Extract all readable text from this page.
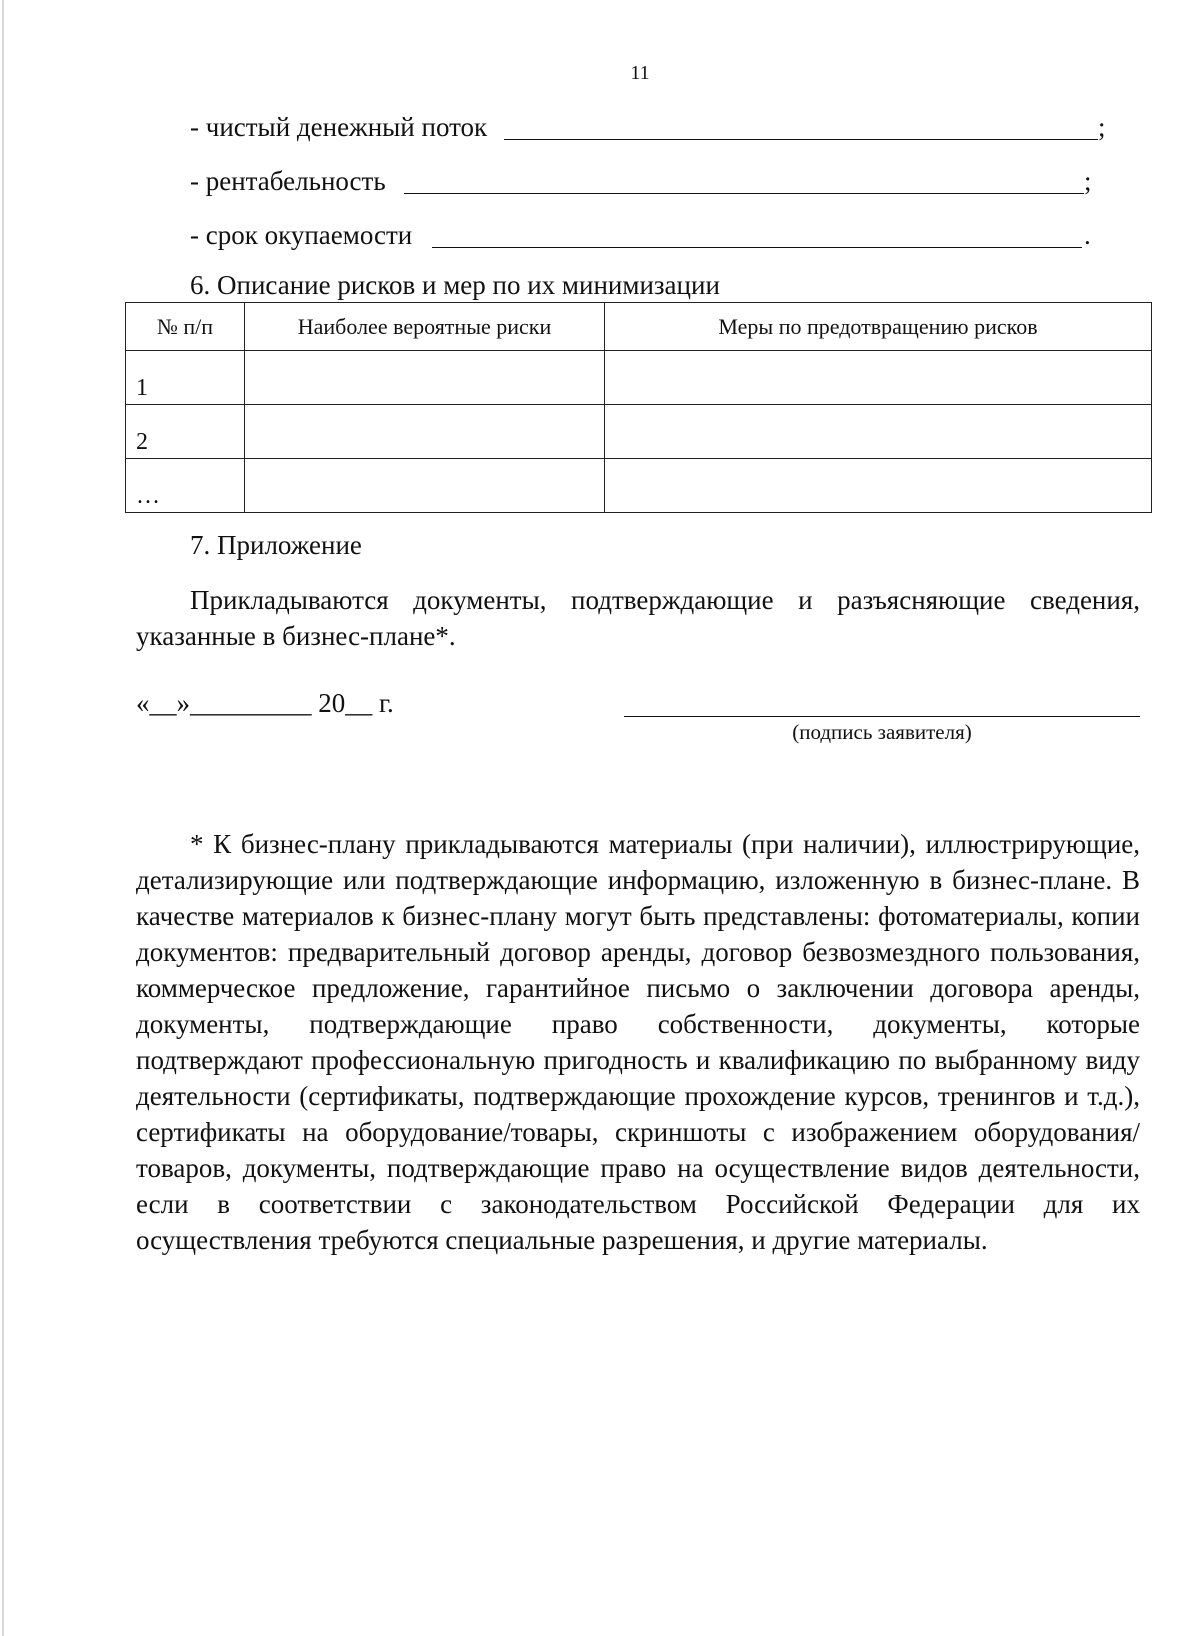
11
- чистый денежный поток	;
- рентабельность	;
- срок окупаемости	.
6. Описание рисков и мер по их минимизации
№ п/п	Наиболее вероятные риски	Меры по предотвращению рисков
1		
2		
…		
7. Приложение
Прикладываются документы, подтверждающие и разъясняющие сведения, указанные в бизнес-плане*.
«__»_________ 20__ г.
(подпись заявителя)
* К бизнес-плану прикладываются материалы (при наличии), иллюстрирующие, детализирующие или подтверждающие информацию, изложенную в бизнес-плане. В качестве материалов к бизнес-плану могут быть представлены: фотоматериалы, копии документов: предварительный договор аренды, договор безвозмездного пользования, коммерческое предложение, гарантийное письмо о заключении договора аренды, документы, подтверждающие право собственности, документы, которые подтверждают профессиональную пригодность и квалификацию по выбранному виду деятельности (сертификаты, подтверждающие прохождение курсов, тренингов и т.д.), сертификаты на оборудование/товары, скриншоты с изображением оборудования/товаров, документы, подтверждающие право на осуществление видов деятельности, если в соответствии с законодательством Российской Федерации для их осуществления требуются специальные разрешения, и другие материалы.
